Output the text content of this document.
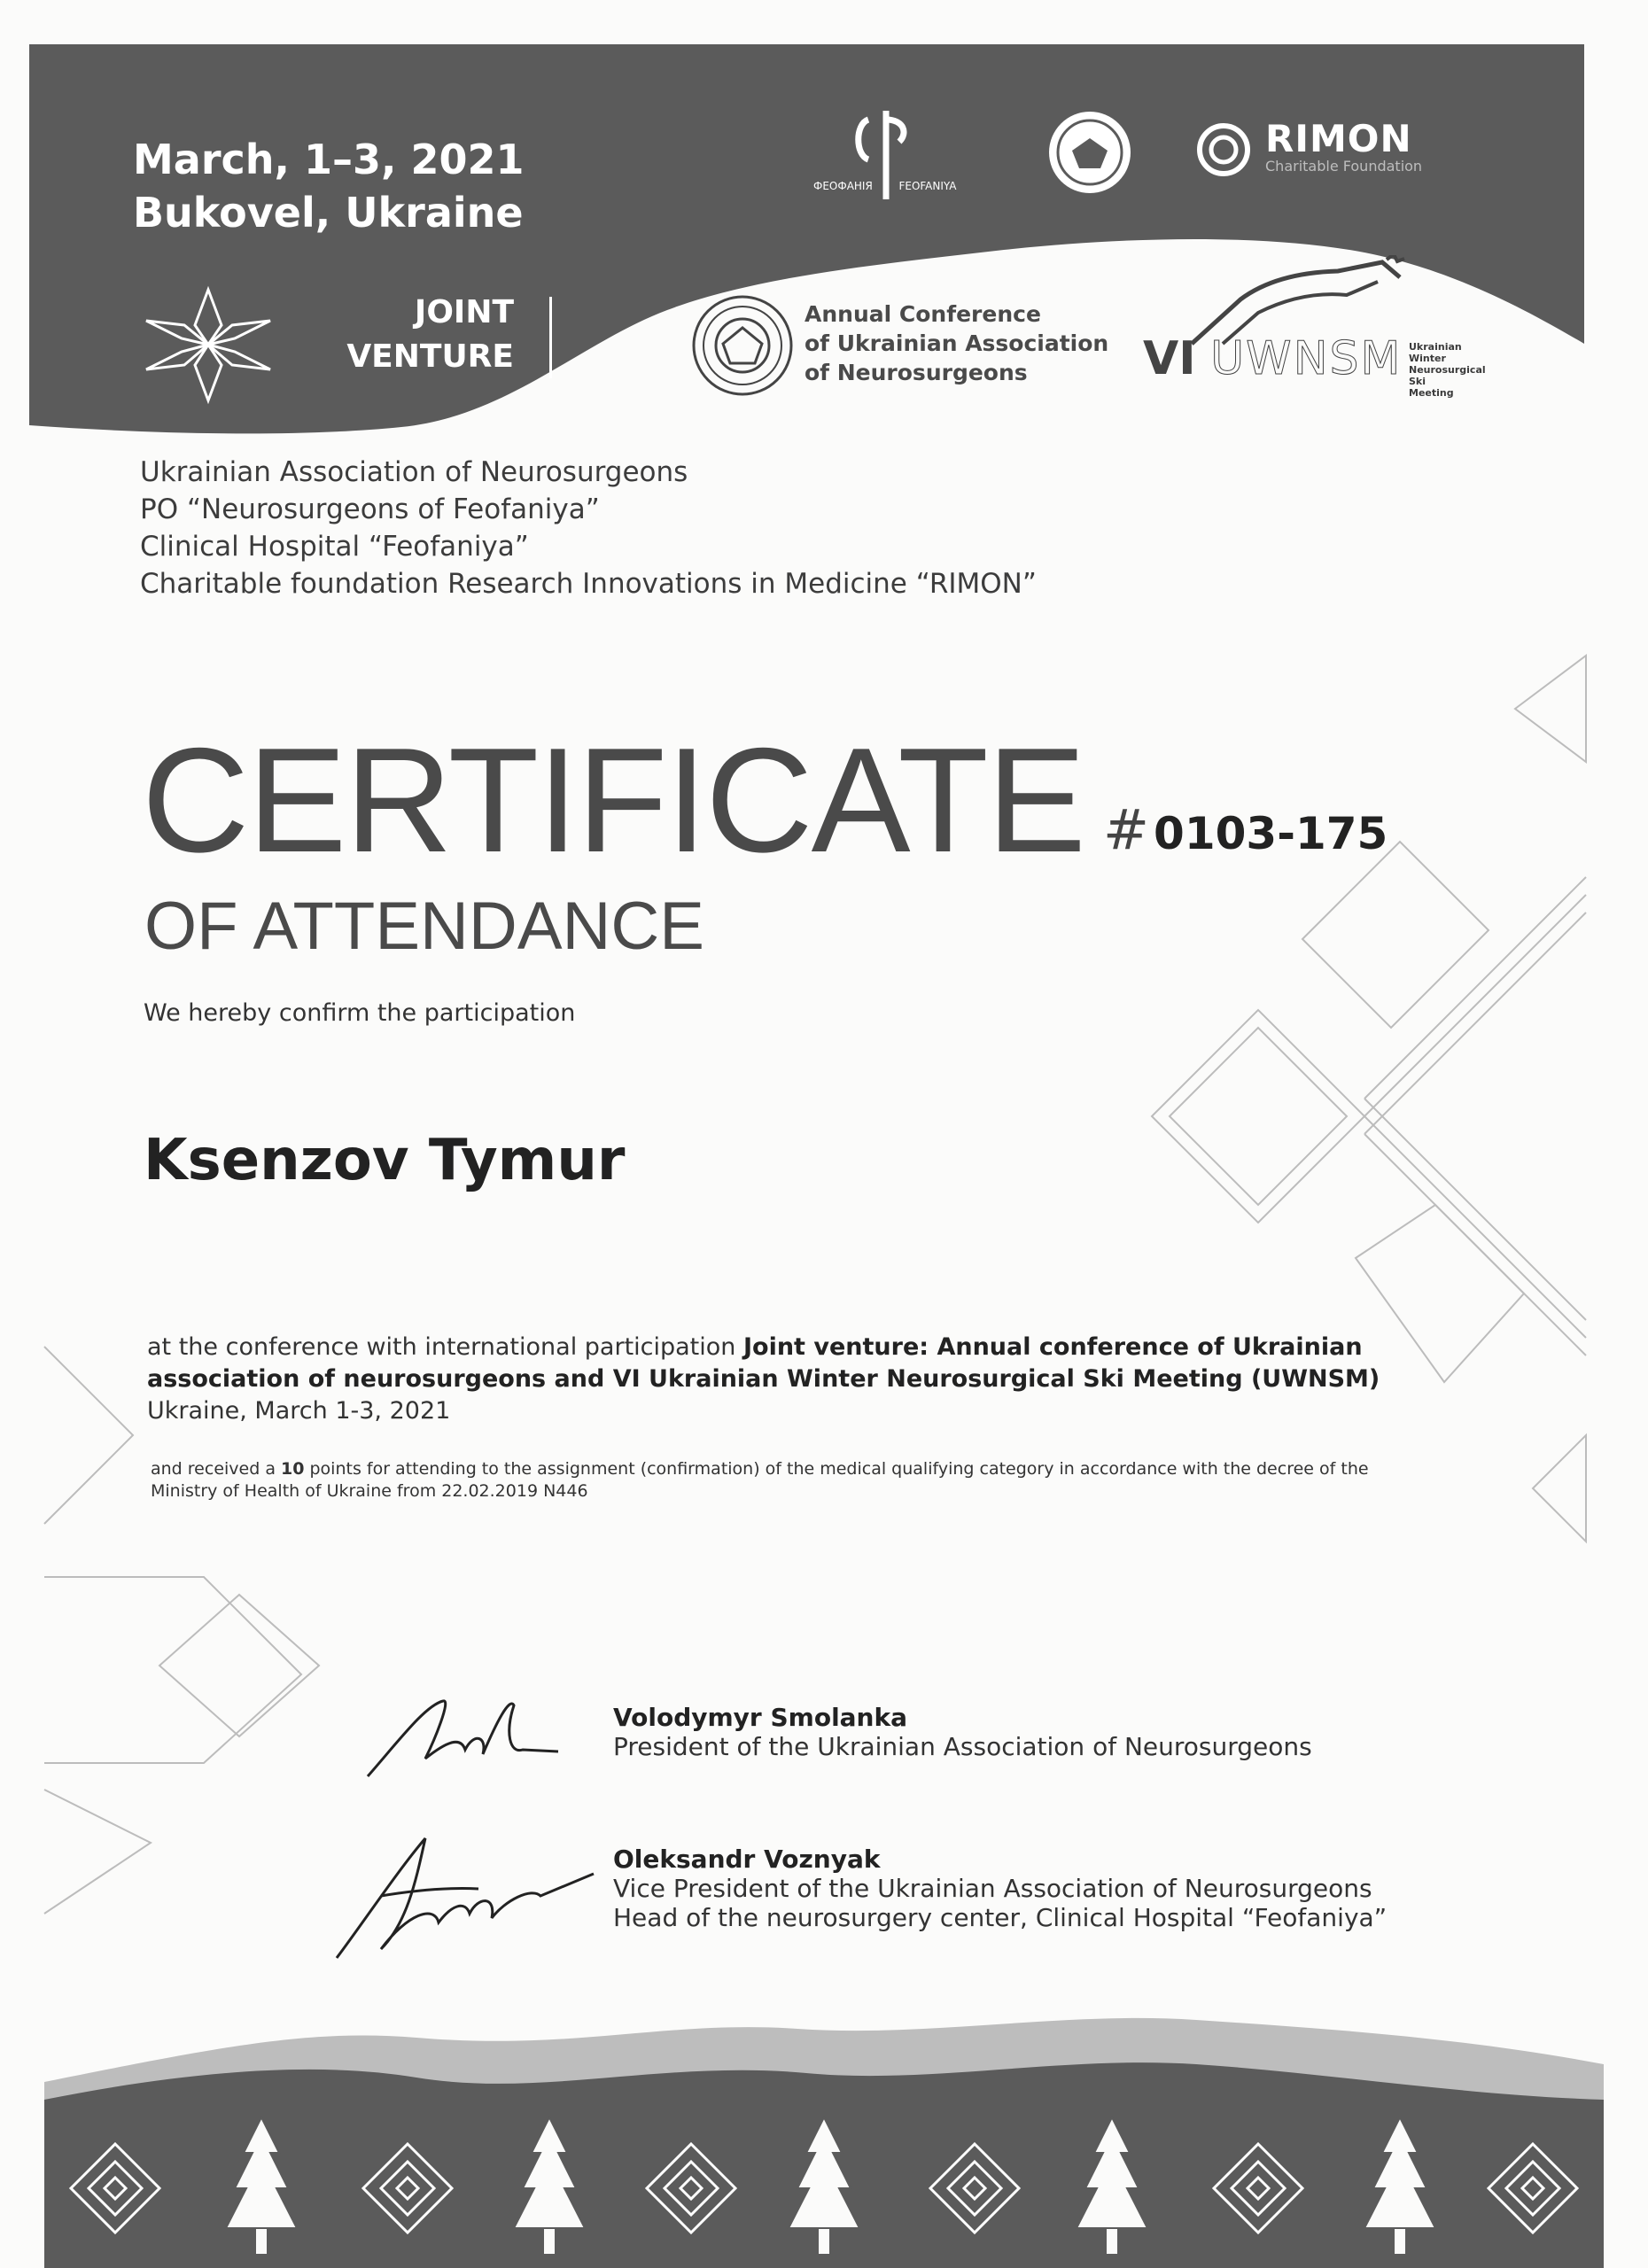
March, 1–3, 2021
Bukovel, Ukraine
JOINT
VENTURE
ФЕОФАНІЯ FEOFANIYA
RIMON
Charitable Foundation
Annual Conference
of Ukrainian Association
of Neurosurgeons	VI UWNSM Ukrainian
Winter
Neurosurgical
Ski
Meeting
Ukrainian Association of Neurosurgeons
PO “Neurosurgeons of Feofaniya”
Clinical Hospital “Feofaniya”
Charitable foundation Research Innovations in Medicine “RIMON”
CERTIFICATE # 0103-175
OF ATTENDANCE
We hereby confirm the participation
Ksenzov Tymur
at the conference with international participation Joint venture: Annual conference of Ukrainian association of neurosurgeons and VI Ukrainian Winter Neurosurgical Ski Meeting (UWNSM)
Ukraine, March 1-3, 2021
and received a 10 points for attending to the assignment (confirmation) of the medical qualifying category in accordance with the decree of the Ministry of Health of Ukraine from 22.02.2019 N446
Volodymyr Smolanka
President of the Ukrainian Association of Neurosurgeons
Oleksandr Voznyak
Vice President of the Ukrainian Association of Neurosurgeons
Head of the neurosurgery center, Clinical Hospital “Feofaniya”
